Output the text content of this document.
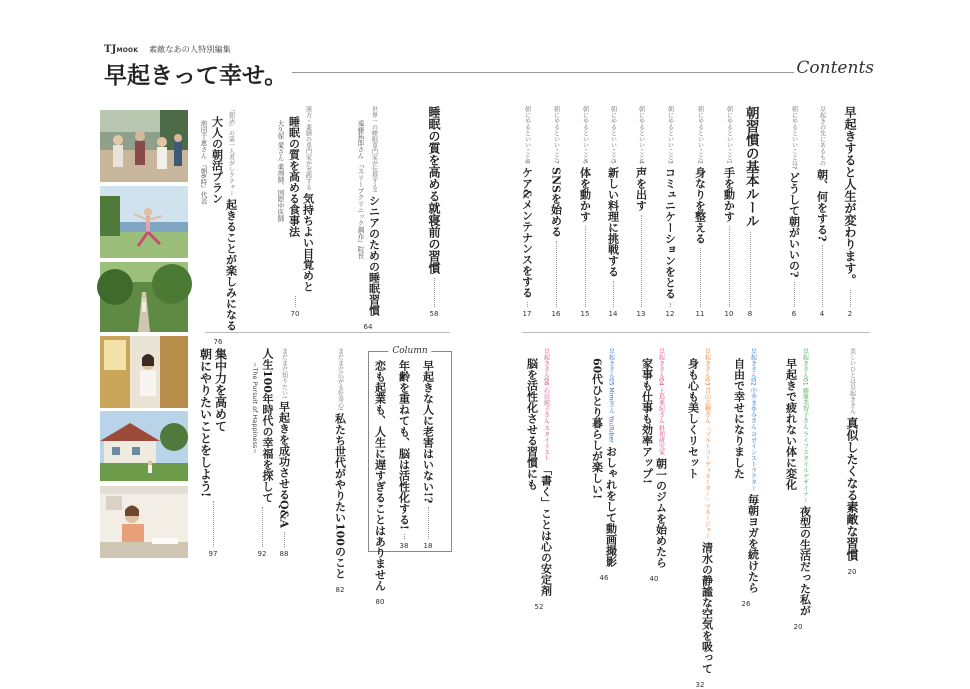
TJMOOK 素敵なあの人特別編集
早起きって幸せ。	Contents
Column
早起きすると人生が変わります。
2
早起きの先にあるもの
朝、何をする?
4
朝にやるといいことは?
どうして朝がいいの?
6
朝習慣の基本ルール
8
朝にやるといいこと1
手を動かす
10
朝にやるといいこと2
身なりを整える
11
朝にやるといいこと3
コミュニケーションをとる
12
朝にやるといいこと4
声を出す
13
朝にやるといいこと5
新しい料理に挑戦する
14
朝にやるといいこと6
体を動かす
15
朝にやるといいこと7
SNSを始める
16
朝にやるといいこと8
ケア&メンテナンスをする
17
睡眠の質を高める就寝前の習慣
58
世界一の睡眠専門家が伝授する!
シニアのための睡眠習慣
遠藤拓郎さん 『スリープクリニック調布』院長
64
漢方・薬膳の専門家が実践する
気持ちよい目覚めと
睡眠の質を高める食事法
大久保 愛さん 薬剤師、国際中医師
70
「朝活」の第一人者がレクチャー
起きることが楽しみになる
大人の朝活プラン
池田千恵さん 『朝6時』代表
76
美しいひとは早起きさん
真似したくなる素敵な習慣
20
早起きさん01 藤原美智子さん ライフスタイルデザイナー
夜型の生活だった私が
早起きで疲れない体に変化
20
早起きさん02 中井まゆみさん ヨガインストラクター
毎朝ヨガを続けたら
自由で幸せになりました
26
早起きさん03 青山志穂さん 『ソルトコーディネーター』マネージャー
清水の静謐な空気を吸って
身も心も美しくリセット
32
早起きさん04 上島亜紀さん 料理研究家
朝一のジムを始めたら
家事も仕事も効率アップ!
40
早起きさん05 Mimiさん YouTuber
おしゃれをして動画撮影
60代ひとり暮らしが楽しい!
46
早起きさん06 石田純子さん スタイリスト
「書く」ことは心の安定剤
脳を活性化させる習慣にも
52
まだまだ広がる好奇心!
私たち世代がやりたい100のこと
82
まだまだ知りたい!
早起きを成功させるQ&A
88
人生100年時代の幸福を探して
~The Pursuit of Happiness~
92
集中力を高めて
朝にやりたいことをしよう!
97
早起きな人に老害はいない!?
18
年齢を重ねても、脳は活性化する!
38
恋も起業も、人生に遅すぎることはありません
80
